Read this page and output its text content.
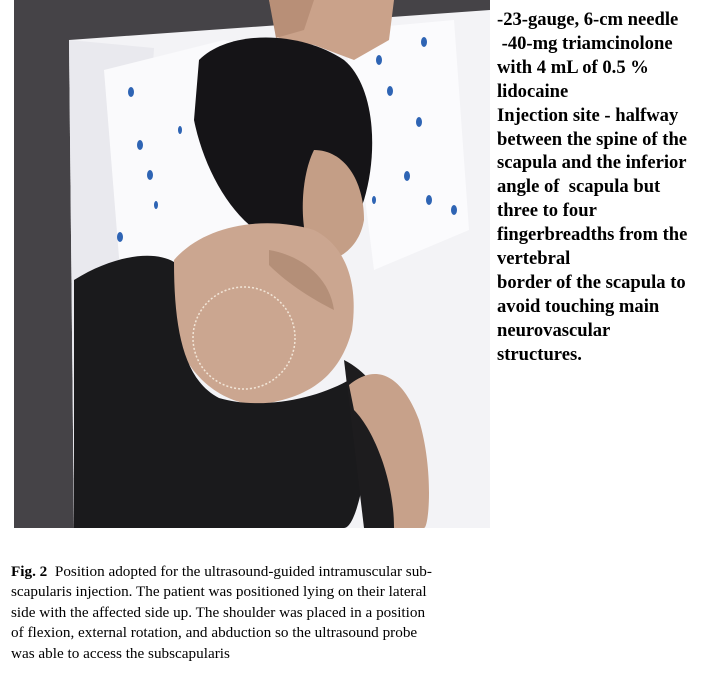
-23-gauge, 6-cm needle
-40-mg triamcinolone
with 4 mL of 0.5 %
lidocaine
Injection site - halfway
between the spine of the
scapula and the inferior
angle of  scapula but
three to four
fingerbreadths from the
vertebral
border of the scapula to
avoid touching main
neurovascular
structures.
Fig. 2 Position adopted for the ultrasound-guided intramuscular sub-
scapularis injection. The patient was positioned lying on their lateral
side with the affected side up. The shoulder was placed in a position
of flexion, external rotation, and abduction so the ultrasound probe
was able to access the subscapularis
